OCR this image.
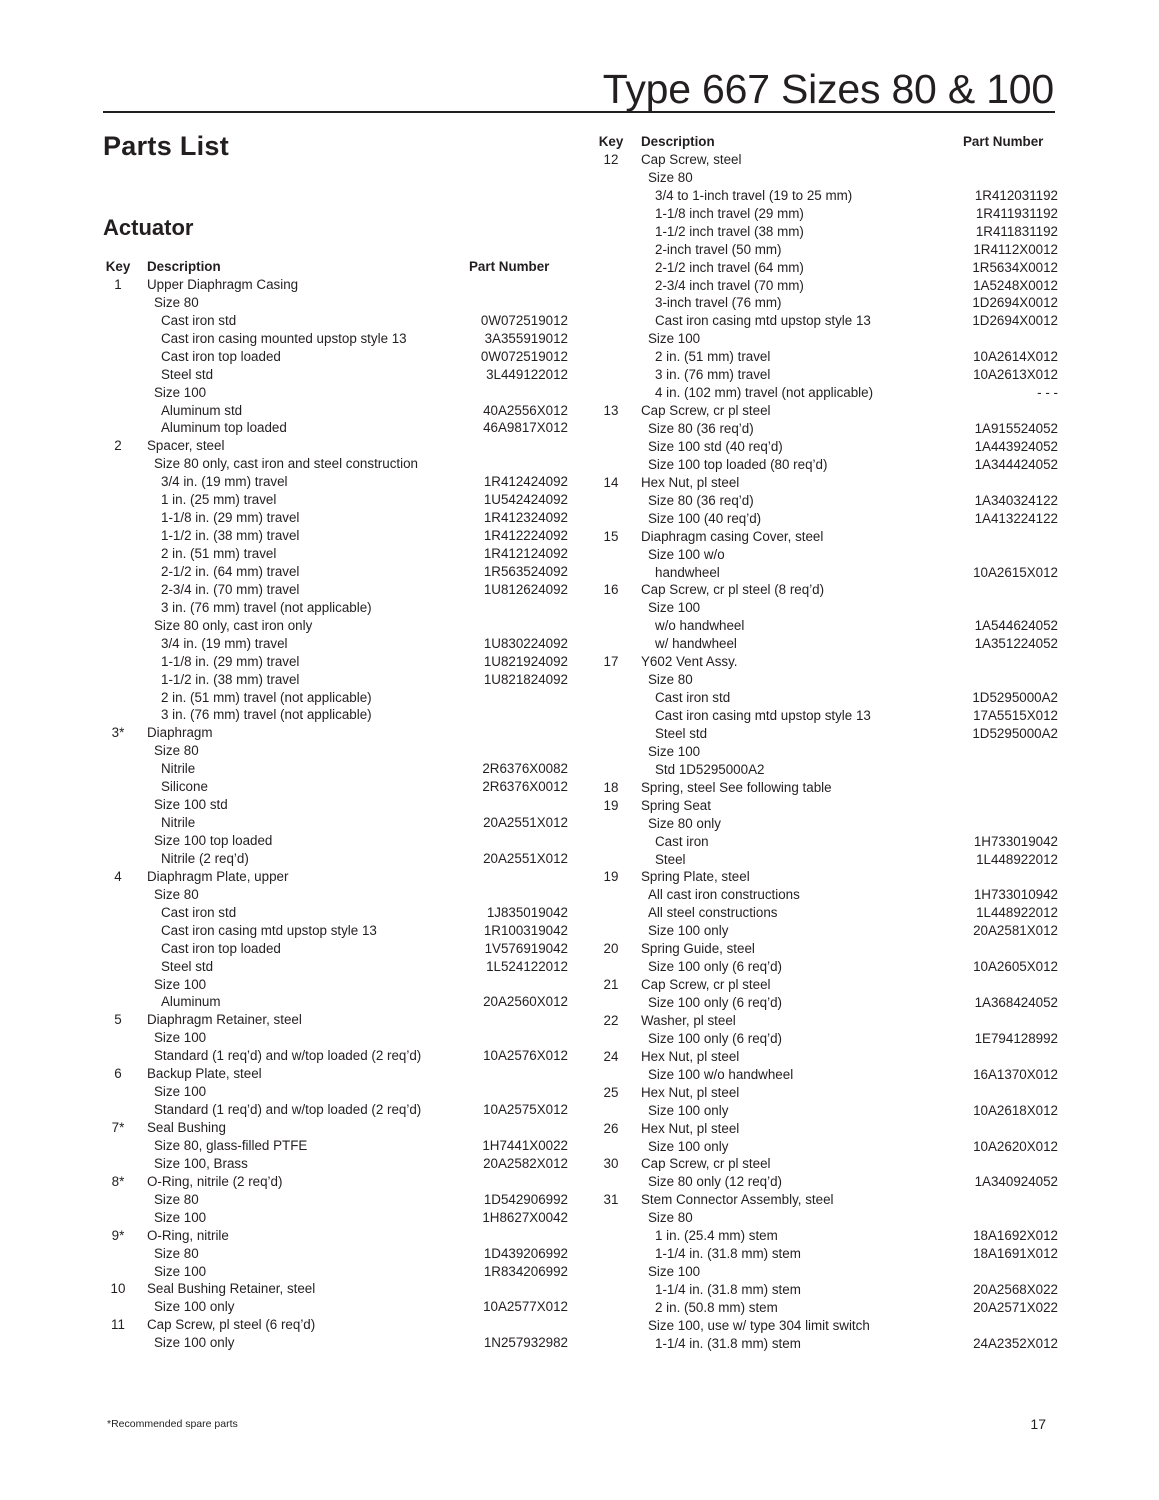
Type 667 Sizes 80 & 100
Parts List
Actuator
Key Description	Part Number
1	Upper Diaphragm Casing
Size 80
Cast iron std	0W072519012
Cast iron casing mounted upstop style 13	3A355919012
Cast iron top loaded	0W072519012
Steel std	3L449122012
Size 100
Aluminum std	40A2556X012
Aluminum top loaded	46A9817X012
2	Spacer, steel
Size 80 only, cast iron and steel construction
3/4 in. (19 mm) travel	1R412424092
1 in. (25 mm) travel	1U542424092
1-1/8 in. (29 mm) travel	1R412324092
1-1/2 in. (38 mm) travel	1R412224092
2 in. (51 mm) travel	1R412124092
2-1/2 in. (64 mm) travel	1R563524092
2-3/4 in. (70 mm) travel	1U812624092
3 in. (76 mm) travel (not applicable)
Size 80 only, cast iron only
3/4 in. (19 mm) travel	1U830224092
1-1/8 in. (29 mm) travel	1U821924092
1-1/2 in. (38 mm) travel	1U821824092
2 in. (51 mm) travel (not applicable)
3 in. (76 mm) travel (not applicable)
3*	Diaphragm
Size 80
Nitrile	2R6376X0082
Silicone	2R6376X0012
Size 100 std
Nitrile	20A2551X012
Size 100 top loaded
Nitrile (2 req’d)	20A2551X012
4	Diaphragm Plate, upper
Size 80
Cast iron std	1J835019042
Cast iron casing mtd upstop style 13	1R100319042
Cast iron top loaded	1V576919042
Steel std	1L524122012
Size 100
Aluminum	20A2560X012
5	Diaphragm Retainer, steel
Size 100
Standard (1 req’d) and w/top loaded (2 req’d)	10A2576X012
6	Backup Plate, steel
Size 100
Standard (1 req’d) and w/top loaded (2 req’d)	10A2575X012
7*	Seal Bushing
Size 80, glass-filled PTFE	1H7441X0022
Size 100, Brass	20A2582X012
8*	O-Ring, nitrile (2 req’d)
Size 80	1D542906992
Size 100	1H8627X0042
9*	O-Ring, nitrile
Size 80	1D439206992
Size 100	1R834206992
10	Seal Bushing Retainer, steel
Size 100 only	10A2577X012
11	Cap Screw, pl steel (6 req’d)
Size 100 only	1N257932982
Key Description	Part Number
12	Cap Screw, steel
Size 80
3/4 to 1-inch travel (19 to 25 mm)	1R412031192
1-1/8 inch travel (29 mm)	1R411931192
1-1/2 inch travel (38 mm)	1R411831192
2-inch travel (50 mm)	1R4112X0012
2-1/2 inch travel (64 mm)	1R5634X0012
2-3/4 inch travel (70 mm)	1A5248X0012
3-inch travel (76 mm)	1D2694X0012
Cast iron casing mtd upstop style 13	1D2694X0012
Size 100
2 in. (51 mm) travel	10A2614X012
3 in. (76 mm) travel	10A2613X012
4 in. (102 mm) travel (not applicable)	- - -
13	Cap Screw, cr pl steel
Size 80 (36 req’d)	1A915524052
Size 100 std (40 req’d)	1A443924052
Size 100 top loaded (80 req’d)	1A344424052
14	Hex Nut, pl steel
Size 80 (36 req’d)	1A340324122
Size 100 (40 req’d)	1A413224122
15	Diaphragm casing Cover, steel
Size 100 w/o
handwheel	10A2615X012
16	Cap Screw, cr pl steel (8 req’d)
Size 100
w/o handwheel	1A544624052
w/ handwheel	1A351224052
17	Y602 Vent Assy.
Size 80
Cast iron std	1D5295000A2
Cast iron casing mtd upstop style 13	17A5515X012
Steel std	1D5295000A2
Size 100
Std 1D5295000A2
18	Spring, steel See following table
19	Spring Seat
Size 80 only
Cast iron	1H733019042
Steel	1L448922012
19	Spring Plate, steel
All cast iron constructions	1H733010942
All steel constructions	1L448922012
Size 100 only	20A2581X012
20	Spring Guide, steel
Size 100 only (6 req’d)	10A2605X012
21	Cap Screw, cr pl steel
Size 100 only (6 req’d)	1A368424052
22	Washer, pl steel
Size 100 only (6 req’d)	1E794128992
24	Hex Nut, pl steel
Size 100 w/o handwheel	16A1370X012
25	Hex Nut, pl steel
Size 100 only	10A2618X012
26	Hex Nut, pl steel
Size 100 only	10A2620X012
30	Cap Screw, cr pl steel
Size 80 only (12 req’d)	1A340924052
31	Stem Connector Assembly, steel
Size 80
1 in. (25.4 mm) stem	18A1692X012
1-1/4 in. (31.8 mm) stem	18A1691X012
Size 100
1-1/4 in. (31.8 mm) stem	20A2568X022
2 in. (50.8 mm) stem	20A2571X022
Size 100, use w/ type 304 limit switch
1-1/4 in. (31.8 mm) stem	24A2352X012
*Recommended spare parts	17
